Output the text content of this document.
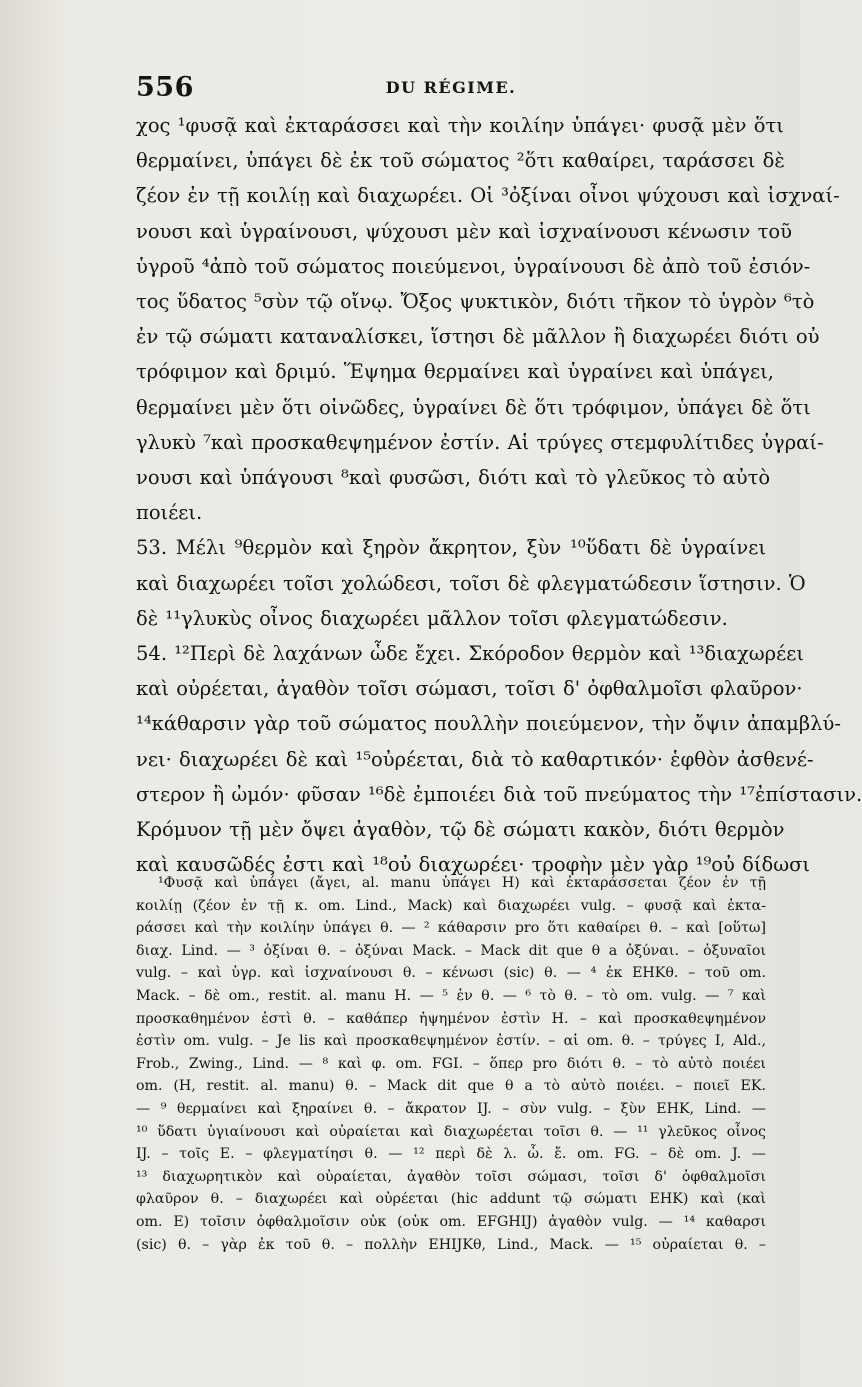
556	DU RÉGIME.
χος ¹φυσᾷ καὶ ἐκταράσσει καὶ τὴν κοιλίην ὑπάγει· φυσᾷ μὲν ὅτι
θερμαίνει, ὑπάγει δὲ ἐκ τοῦ σώματος ²ὅτι καθαίρει, ταράσσει δὲ
ζέον ἐν τῇ κοιλίῃ καὶ διαχωρέει. Οἱ ³ὀξίναι οἶνοι ψύχουσι καὶ ἰσχναί-
νουσι καὶ ὑγραίνουσι, ψύχουσι μὲν καὶ ἰσχναίνουσι κένωσιν τοῦ
ὑγροῦ ⁴ἀπὸ τοῦ σώματος ποιεύμενοι, ὑγραίνουσι δὲ ἀπὸ τοῦ ἐσιόν-
τος ὕδατος ⁵σὺν τῷ οἴνῳ. Ὄξος ψυκτικὸν, διότι τῆκον τὸ ὑγρὸν ⁶τὸ
ἐν τῷ σώματι καταναλίσκει, ἵστησι δὲ μᾶλλον ἢ διαχωρέει διότι οὐ
τρόφιμον καὶ δριμύ. Ἕψημα θερμαίνει καὶ ὑγραίνει καὶ ὑπάγει,
θερμαίνει μὲν ὅτι οἰνῶδες, ὑγραίνει δὲ ὅτι τρόφιμον, ὑπάγει δὲ ὅτι
γλυκὺ ⁷καὶ προσκαθεψημένον ἐστίν. Αἱ τρύγες στεμφυλίτιδες ὑγραί-
νουσι καὶ ὑπάγουσι ⁸καὶ φυσῶσι, διότι καὶ τὸ γλεῦκος τὸ αὐτὸ
ποιέει.
53. Μέλι ⁹θερμὸν καὶ ξηρὸν ἄκρητον, ξὺν ¹⁰ὕδατι δὲ ὑγραίνει
καὶ διαχωρέει τοῖσι χολώδεσι, τοῖσι δὲ φλεγματώδεσιν ἵστησιν. Ὁ
δὲ ¹¹γλυκὺς οἶνος διαχωρέει μᾶλλον τοῖσι φλεγματώδεσιν.
54. ¹²Περὶ δὲ λαχάνων ὧδε ἔχει. Σκόροδον θερμὸν καὶ ¹³διαχωρέει
καὶ οὐρέεται, ἀγαθὸν τοῖσι σώμασι, τοῖσι δ' ὀφθαλμοῖσι φλαῦρον·
¹⁴κάθαρσιν γὰρ τοῦ σώματος πουλλὴν ποιεύμενον, τὴν ὄψιν ἀπαμβλύ-
νει· διαχωρέει δὲ καὶ ¹⁵οὐρέεται, διὰ τὸ καθαρτικόν· ἑφθὸν ἀσθενέ-
στερον ἢ ὠμόν· φῦσαν ¹⁶δὲ ἐμποιέει διὰ τοῦ πνεύματος τὴν ¹⁷ἐπίστασιν.
Κρόμυον τῇ μὲν ὄψει ἀγαθὸν, τῷ δὲ σώματι κακὸν, διότι θερμὸν
καὶ καυσῶδές ἐστι καὶ ¹⁸οὐ διαχωρέει· τροφὴν μὲν γὰρ ¹⁹οὐ δίδωσι
¹Φυσᾷ καὶ ὑπάγει (ἄγει, al. manu ὑπάγει H) καὶ ἐκταράσσεται ζέον ἐν τῇ
κοιλίῃ (ζέον ἐν τῇ κ. om. Lind., Mack) καὶ διαχωρέει vulg. – φυσᾷ καὶ ἐκτα-
ράσσει καὶ τὴν κοιλίην ὑπάγει θ. — ² κάθαρσιν pro ὅτι καθαίρει θ. – καὶ [οὕτω]
διαχ. Lind. — ³ ὀξίναι θ. – ὀξύναι Mack. – Mack dit que θ a ὀξύναι. – ὀξυναῖοι
vulg. – καὶ ὑγρ. καὶ ἰσχναίνουσι θ. – κένωσι (sic) θ. — ⁴ ἐκ EHKθ. – τοῦ om.
Mack. – δὲ om., restit. al. manu H. — ⁵ ἐν θ. — ⁶ τὸ θ. – τὸ om. vulg. — ⁷ καὶ
προσκαθημένον ἐστὶ θ. – καθάπερ ἡψημένον ἐστὶν H. – καὶ προσκαθεψημένον
ἐστὶν om. vulg. – Je lis καὶ προσκαθεψημένον ἐστίν. – αἱ om. θ. – τρύγες I, Ald.,
Frob., Zwing., Lind. — ⁸ καὶ φ. om. FGI. – ὅπερ pro διότι θ. – τὸ αὐτὸ ποιέει
om. (H, restit. al. manu) θ. – Mack dit que θ a τὸ αὐτὸ ποιέει. – ποιεῖ EK.
— ⁹ θερμαίνει καὶ ξηραίνει θ. – ἄκρατον IJ. – σὺν vulg. – ξὺν EHK, Lind. —
¹⁰ ὕδατι ὑγιαίνουσι καὶ οὐραίεται καὶ διαχωρέεται τοῖσι θ. — ¹¹ γλεῦκος οἶνος
IJ. – τοῖς E. – φλεγματίησι θ. — ¹² περὶ δὲ λ. ὧ. ἔ. om. FG. – δὲ om. J. —
¹³ διαχωρητικὸν καὶ οὐραίεται, ἀγαθὸν τοῖσι σώμασι, τοῖσι δ' ὀφθαλμοῖσι
φλαῦρον θ. – διαχωρέει καὶ οὐρέεται (hic addunt τῷ σώματι EHK) καὶ (καὶ
om. E) τοῖσιν ὀφθαλμοῖσιν οὐκ (οὐκ om. EFGHIJ) ἀγαθὸν vulg. — ¹⁴ καθαρσι
(sic) θ. – γὰρ ἐκ τοῦ θ. – πολλὴν EHIJKθ, Lind., Mack. — ¹⁵ οὐραίεται θ. –
